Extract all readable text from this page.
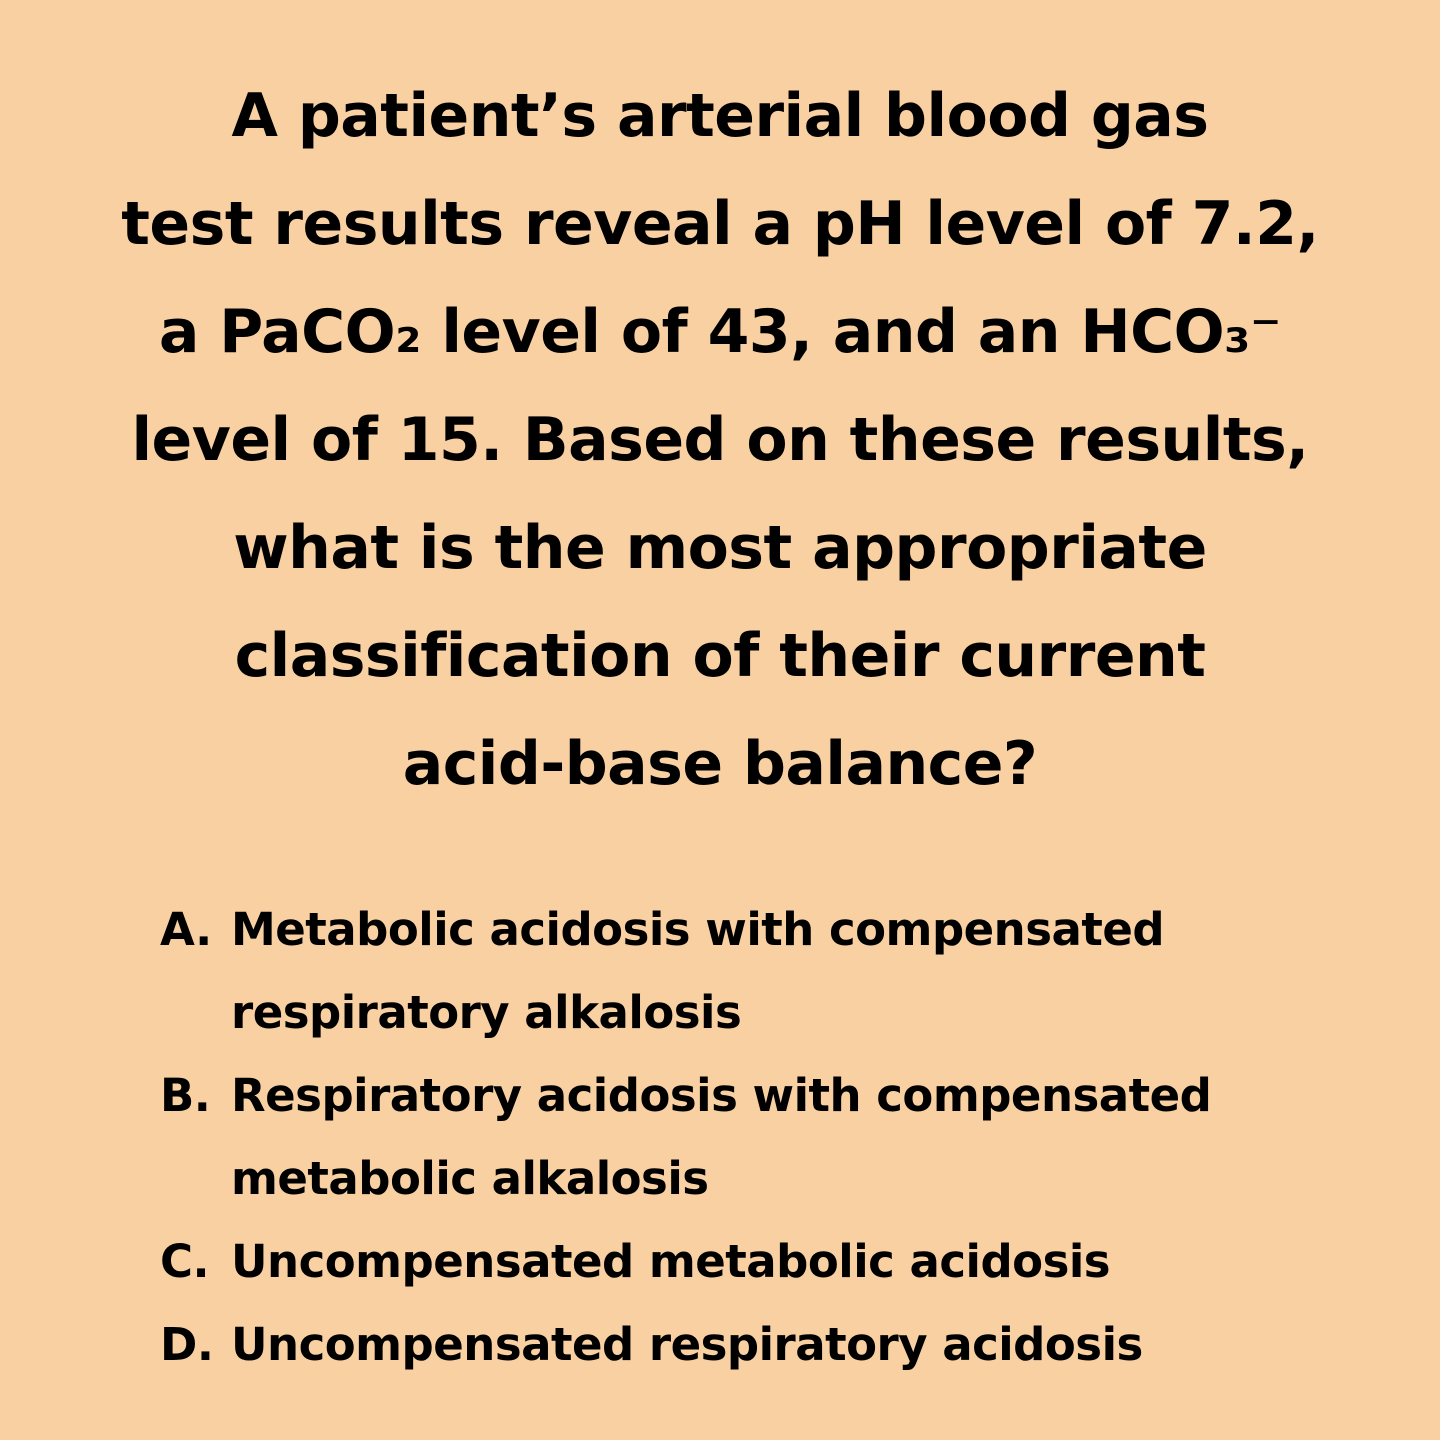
A patient’s arterial blood gas
test results reveal a pH level of 7.2,
a PaCO₂ level of 43, and an HCO₃⁻
level of 15. Based on these results,
what is the most appropriate
classification of their current
acid-base balance?
A. Metabolic acidosis with compensated
respiratory alkalosis
B. Respiratory acidosis with compensated
metabolic alkalosis
C. Uncompensated metabolic acidosis
D. Uncompensated respiratory acidosis
